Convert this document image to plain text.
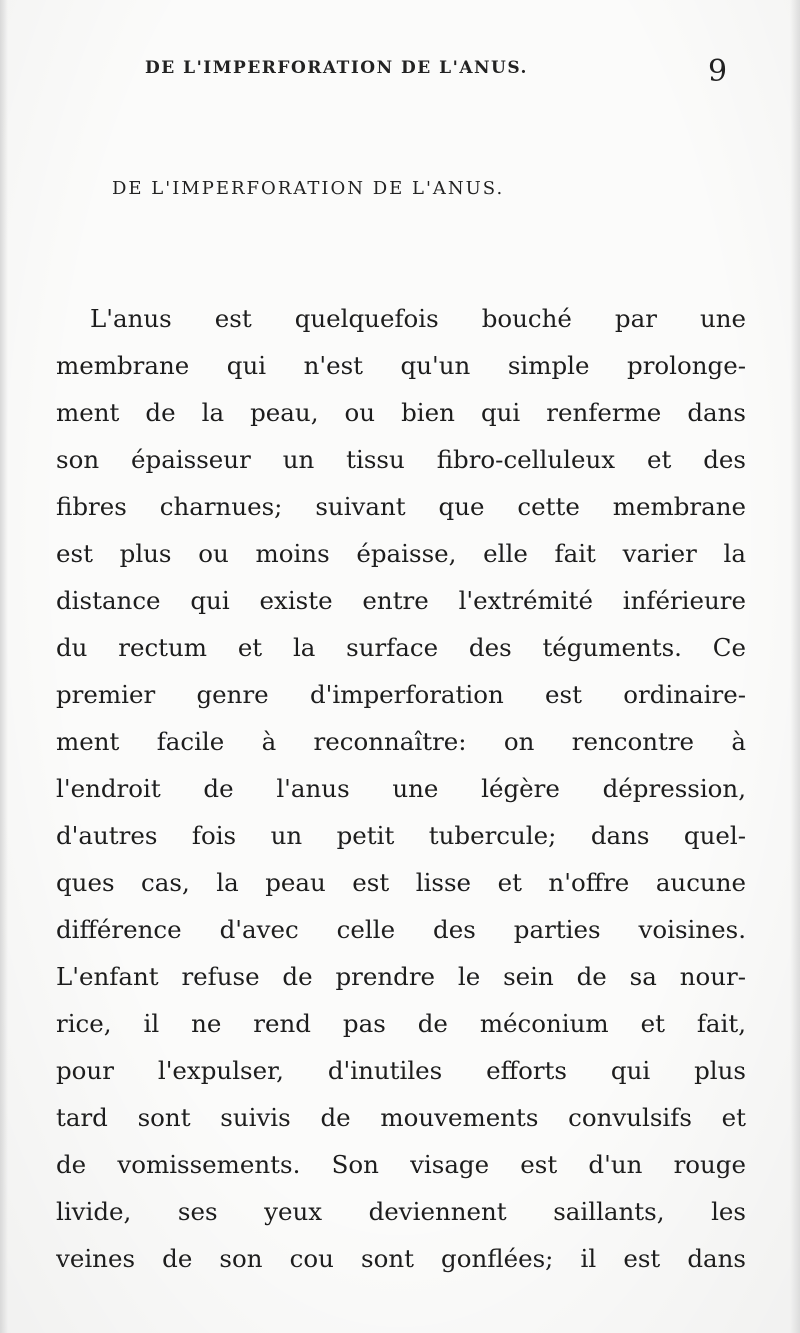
DE L'IMPERFORATION DE L'ANUS.	9
DE L'IMPERFORATION DE L'ANUS.
L'anus est quelquefois bouché par une
membrane qui n'est qu'un simple prolonge-
ment de la peau, ou bien qui renferme dans
son épaisseur un tissu fibro-celluleux et des
fibres charnues; suivant que cette membrane
est plus ou moins épaisse, elle fait varier la
distance qui existe entre l'extrémité inférieure
du rectum et la surface des téguments. Ce
premier genre d'imperforation est ordinaire-
ment facile à reconnaître: on rencontre à
l'endroit de l'anus une légère dépression,
d'autres fois un petit tubercule; dans quel-
ques cas, la peau est lisse et n'offre aucune
différence d'avec celle des parties voisines.
L'enfant refuse de prendre le sein de sa nour-
rice, il ne rend pas de méconium et fait,
pour l'expulser, d'inutiles efforts qui plus
tard sont suivis de mouvements convulsifs et
de vomissements. Son visage est d'un rouge
livide, ses yeux deviennent saillants, les
veines de son cou sont gonflées; il est dans
